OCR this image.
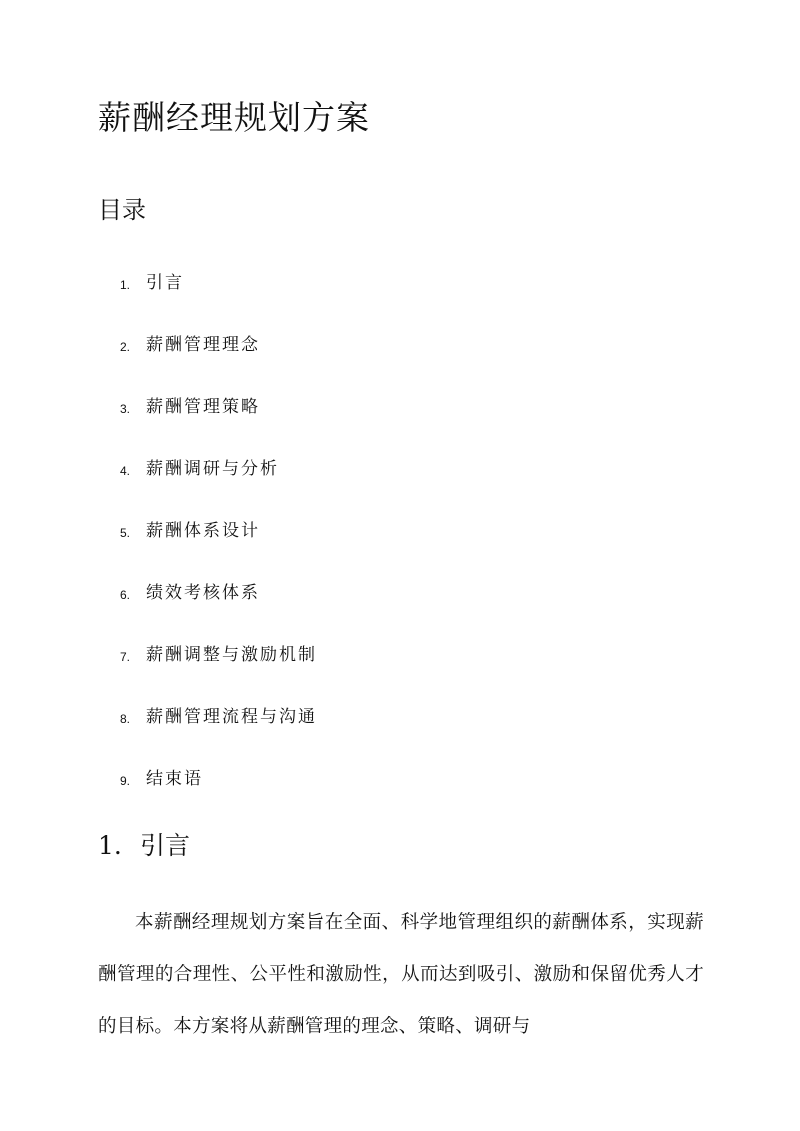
薪酬经理规划方案
目录
1. 引言
2. 薪酬管理理念
3. 薪酬管理策略
4. 薪酬调研与分析
5. 薪酬体系设计
6. 绩效考核体系
7. 薪酬调整与激励机制
8. 薪酬管理流程与沟通
9. 结束语
1. 引言

本薪酬经理规划方案旨在全面、科学地管理组织的薪酬体系，实现薪酬管理的合理性、公平性和激励性，从而达到吸引、激励和保留优秀人才的目标。本方案将从薪酬管理的理念、策略、调研与
